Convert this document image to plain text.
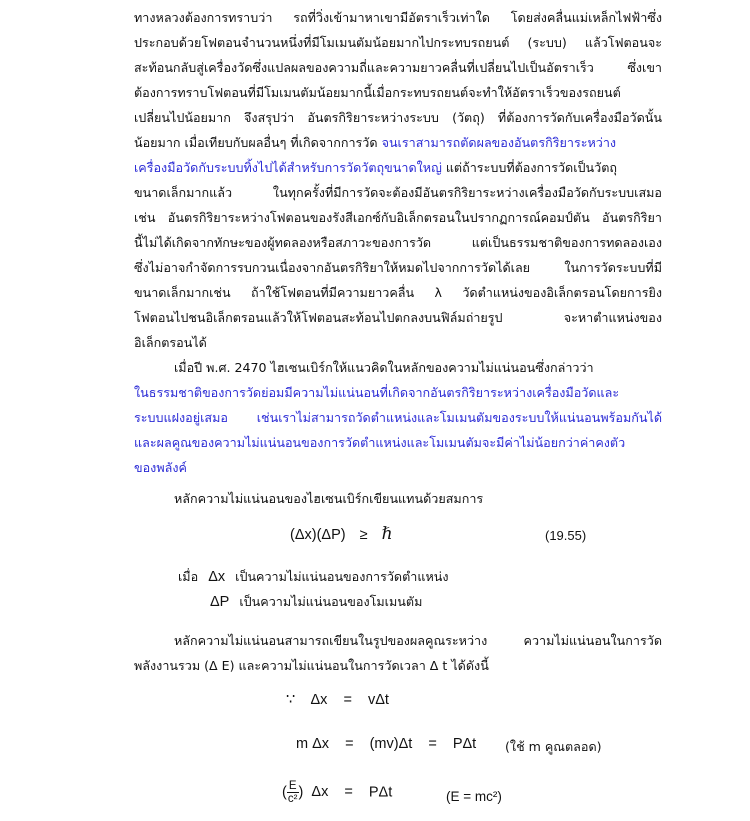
ทางหลวงต้องการทราบว่า รถที่วิ่งเข้ามาหาเขามีอัตราเร็วเท่าใด โดยส่งคลื่นแม่เหล็กไฟฟ้าซึ่ง
ประกอบด้วยโฟตอนจำนวนหนึ่งที่มีโมเมนตัมน้อยมากไปกระทบรถยนต์ (ระบบ) แล้วโฟตอนจะ
สะท้อนกลับสู่เครื่องวัดซึ่งแปลผลของความถี่และความยาวคลื่นที่เปลี่ยนไปเป็นอัตราเร็ว ซึ่งเขา
ต้องการทราบโฟตอนที่มีโมเมนตัมน้อยมากนี้เมื่อกระทบรถยนต์จะทำให้อัตราเร็วของรถยนต์
เปลี่ยนไปน้อยมาก จึงสรุปว่า อันตรกิริยาระหว่างระบบ (วัตถุ) ที่ต้องการวัดกับเครื่องมือวัดนั้น
น้อยมาก เมื่อเทียบกับผลอื่นๆ ที่เกิดจากการวัด จนเราสามารถตัดผลของอันตรกิริยาระหว่าง
เครื่องมือวัดกับระบบทิ้งไปได้สำหรับการวัดวัตถุขนาดใหญ่ แต่ถ้าระบบที่ต้องการวัดเป็นวัตถุ
ขนาดเล็กมากแล้ว ในทุกครั้งที่มีการวัดจะต้องมีอันตรกิริยาระหว่างเครื่องมือวัดกับระบบเสมอ
เช่น อันตรกิริยาระหว่างโฟตอนของรังสีเอกซ์กับอิเล็กตรอนในปรากฏการณ์คอมป์ตัน อันตรกิริยา
นี้ไม่ได้เกิดจากทักษะของผู้ทดลองหรือสภาวะของการวัด แต่เป็นธรรมชาติของการทดลองเอง
ซึ่งไม่อาจกำจัดการรบกวนเนื่องจากอันตรกิริยาให้หมดไปจากการวัดได้เลย ในการวัดระบบที่มี
ขนาดเล็กมากเช่น ถ้าใช้โฟตอนที่มีความยาวคลื่น λ วัดตำแหน่งของอิเล็กตรอนโดยการยิง
โฟตอนไปชนอิเล็กตรอนแล้วให้โฟตอนสะท้อนไปตกลงบนฟิล์มถ่ายรูป จะหาตำแหน่งของ
อิเล็กตรอนได้
เมื่อปี พ.ศ. 2470 ไฮเซนเบิร์กให้แนวคิดในหลักของความไม่แน่นอนซึ่งกล่าวว่า
ในธรรมชาติของการวัดย่อมมีความไม่แน่นอนที่เกิดจากอันตรกิริยาระหว่างเครื่องมือวัดและ
ระบบแฝงอยู่เสมอ เช่นเราไม่สามารถวัดตำแหน่งและโมเมนตัมของระบบให้แน่นอนพร้อมกันได้
และผลคูณของความไม่แน่นอนของการวัดตำแหน่งและโมเมนตัมจะมีค่าไม่น้อยกว่าค่าคงตัว
ของพลังค์
หลักความไม่แน่นอนของไฮเซนเบิร์กเขียนแทนด้วยสมการ
(Δx)(ΔP) ≥ ℏ	(19.55)
เมื่อ Δx เป็นความไม่แน่นอนของการวัดตำแหน่ง
ΔP เป็นความไม่แน่นอนของโมเมนตัม
หลักความไม่แน่นอนสามารถเขียนในรูปของผลคูณระหว่าง ความไม่แน่นอนในการวัด
พลังงานรวม (Δ E) และความไม่แน่นอนในการวัดเวลา Δ t ได้ดังนี้
∵ Δx = vΔt
m Δx = (mv)Δt = PΔt (ใช้ m คูณตลอด)
( $\frac{E}{\text{c²}}$ ) Δx = PΔt	(E = mc²)
